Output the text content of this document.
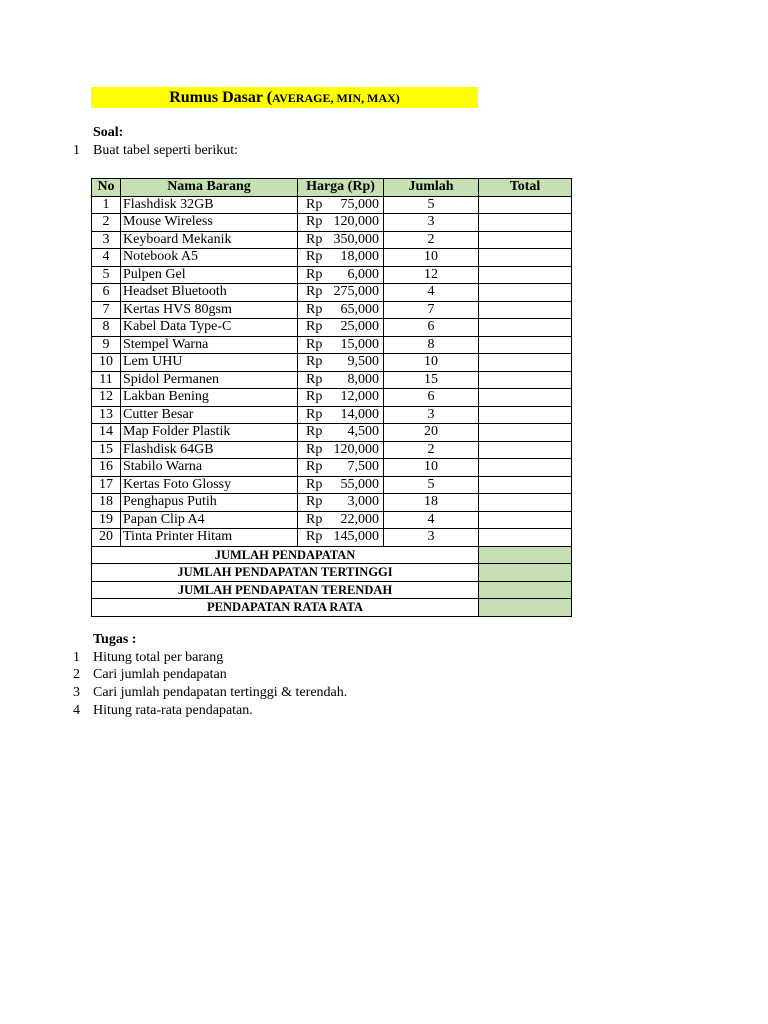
Rumus Dasar (AVERAGE, MIN, MAX)
Soal:
1 Buat tabel seperti berikut:
No	Nama Barang	Harga (Rp)	Jumlah	Total
1	Flashdisk 32GB	Rp 75,000	5	
2	Mouse Wireless	Rp 120,000	3	
3	Keyboard Mekanik	Rp 350,000	2	
4	Notebook A5	Rp 18,000	10	
5	Pulpen Gel	Rp 6,000	12	
6	Headset Bluetooth	Rp 275,000	4	
7	Kertas HVS 80gsm	Rp 65,000	7	
8	Kabel Data Type-C	Rp 25,000	6	
9	Stempel Warna	Rp 15,000	8	
10	Lem UHU	Rp 9,500	10	
11	Spidol Permanen	Rp 8,000	15	
12	Lakban Bening	Rp 12,000	6	
13	Cutter Besar	Rp 14,000	3	
14	Map Folder Plastik	Rp 4,500	20	
15	Flashdisk 64GB	Rp 120,000	2	
16	Stabilo Warna	Rp 7,500	10	
17	Kertas Foto Glossy	Rp 55,000	5	
18	Penghapus Putih	Rp 3,000	18	
19	Papan Clip A4	Rp 22,000	4	
20	Tinta Printer Hitam	Rp 145,000	3	
JUMLAH PENDAPATAN				
JUMLAH PENDAPATAN TERTINGGI				
JUMLAH PENDAPATAN TERENDAH				
PENDAPATAN RATA RATA				
Tugas :
1 Hitung total per barang
2 Cari jumlah pendapatan
3 Cari jumlah pendapatan tertinggi & terendah.
4 Hitung rata-rata pendapatan.
